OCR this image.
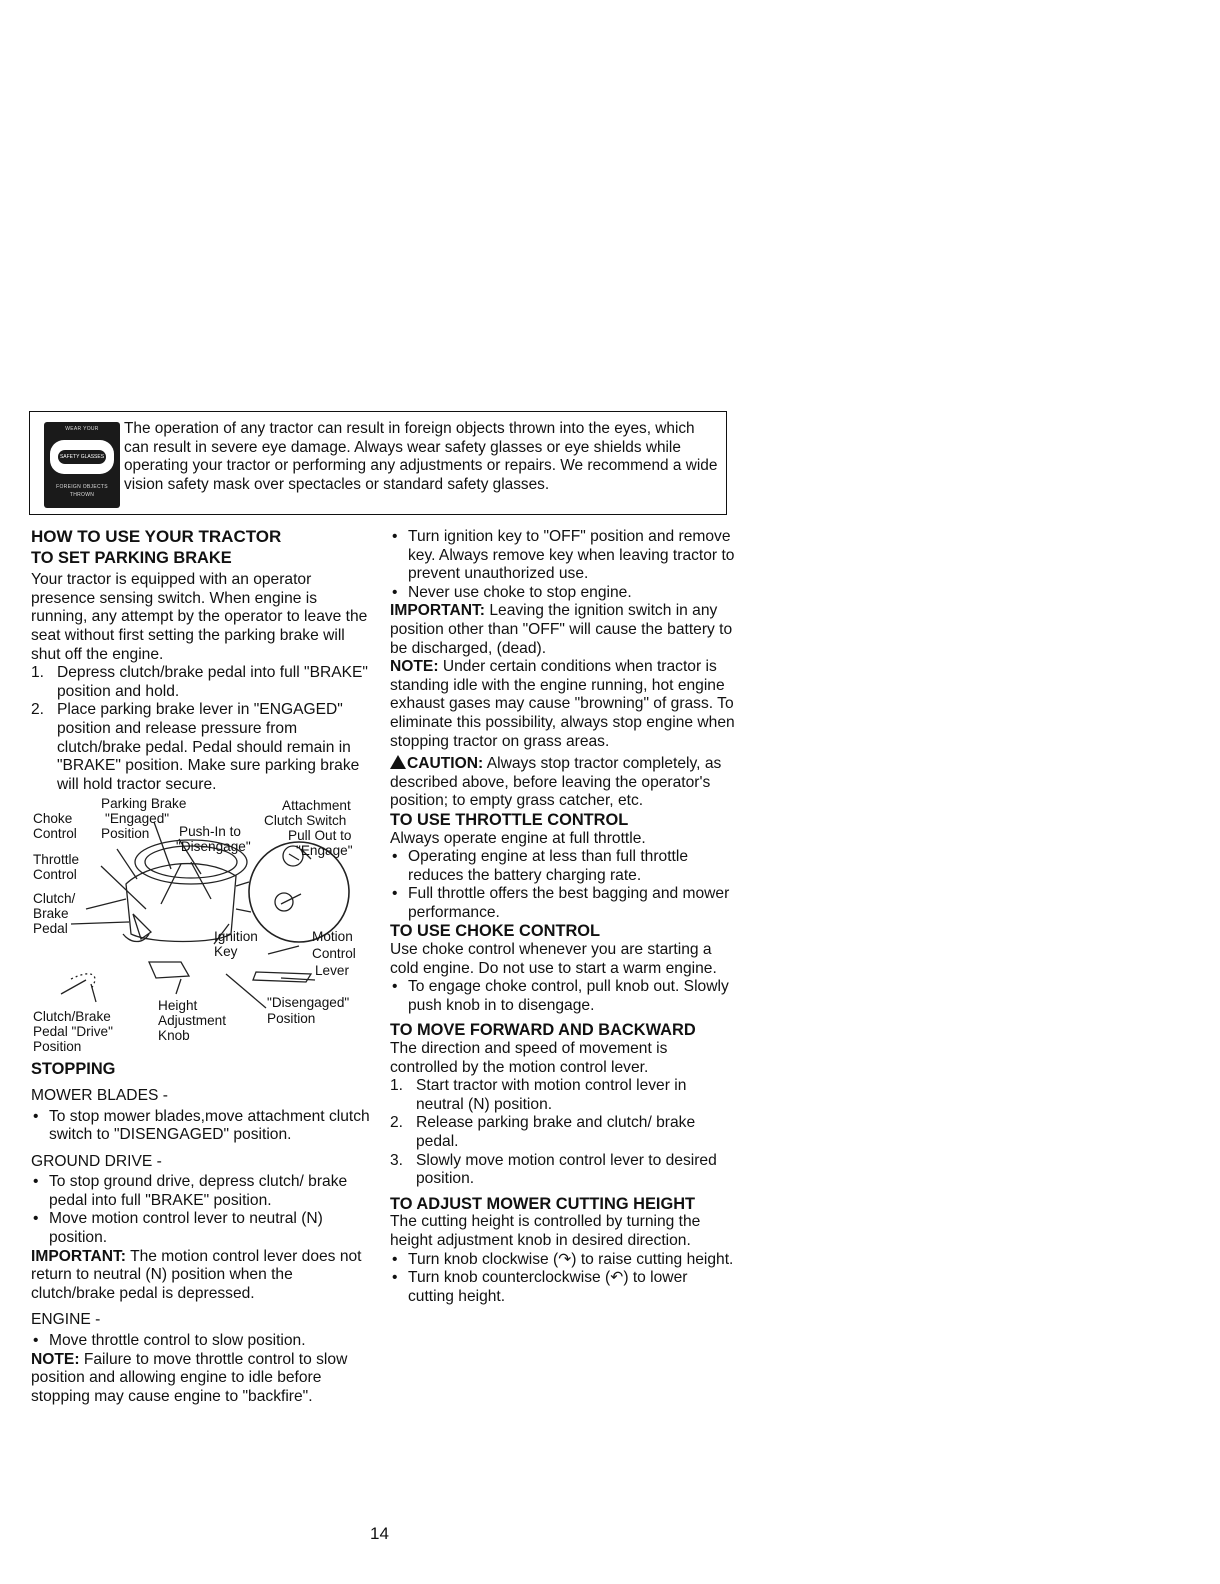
WEAR YOUR
SAFETY GLASSES
FOREIGN OBJECTS
THROWN

The operation of any tractor can result in foreign objects thrown into the eyes, which can result in severe eye damage. Always wear safety glasses or eye shields while operating your tractor or performing any adjustments or repairs. We recommend a wide vision safety mask over spectacles or standard safety glasses.

HOW TO USE YOUR TRACTOR

TO SET PARKING BRAKE

Your tractor is equipped with an operator presence sensing switch. When engine is running, any attempt by the operator to leave the seat without first setting the parking brake will shut off the engine.

1. Depress clutch/brake pedal into full "BRAKE" position and hold.
2. Place parking brake lever in "ENGAGED" position and release pressure from clutch/brake pedal. Pedal should remain in "BRAKE" position. Make sure parking brake will hold tractor secure.
Parking Brake
"Engaged"
Position
Choke
Control
Attachment
Clutch Switch
Push-In to
"Disengage"
Pull Out to
"Engage"
Throttle
Control
Clutch/
Brake
Pedal
Ignition
Key
Motion
Control
Lever
"Disengaged"
Position
Height
Adjustment
Knob
Clutch/Brake
Pedal "Drive"
Position

STOPPING

MOWER BLADES -

• To stop mower blades,move attachment clutch switch to "DISENGAGED" position.

GROUND DRIVE -

• To stop ground drive, depress clutch/ brake pedal into full "BRAKE" position.
• Move motion control lever to neutral (N) position.

IMPORTANT: The motion control lever does not return to neutral (N) position when the clutch/brake pedal is depressed.

ENGINE -

• Move throttle control to slow position.

NOTE: Failure to move throttle control to slow position and allowing engine to idle before stopping may cause engine to "backfire".

• Turn ignition key to "OFF" position and remove key. Always remove key when leaving tractor to prevent unauthorized use.
• Never use choke to stop engine.

IMPORTANT: Leaving the ignition switch in any position other than "OFF" will cause the battery to be discharged, (dead).

NOTE: Under certain conditions when tractor is standing idle with the engine running, hot engine exhaust gases may cause "browning" of grass. To eliminate this possibility, always stop engine when stopping tractor on grass areas.

CAUTION: Always stop tractor completely, as described above, before leaving the operator's position; to empty grass catcher, etc.

TO USE THROTTLE CONTROL

Always operate engine at full throttle.

• Operating engine at less than full throttle reduces the battery charging rate.
• Full throttle offers the best bagging and mower performance.

TO USE CHOKE CONTROL

Use choke control whenever you are starting a cold engine. Do not use to start a warm engine.

• To engage choke control, pull knob out. Slowly push knob in to disengage.

TO MOVE FORWARD AND BACKWARD

The direction and speed of movement is controlled by the motion control lever.

1. Start tractor with motion control lever in neutral (N) position.
2. Release parking brake and clutch/ brake pedal.
3. Slowly move motion control lever to desired position.

TO ADJUST MOWER CUTTING HEIGHT

The cutting height is controlled by turning the height adjustment knob in desired direction.

• Turn knob clockwise (↷) to raise cutting height.
• Turn knob counterclockwise (↶) to lower cutting height.
14
